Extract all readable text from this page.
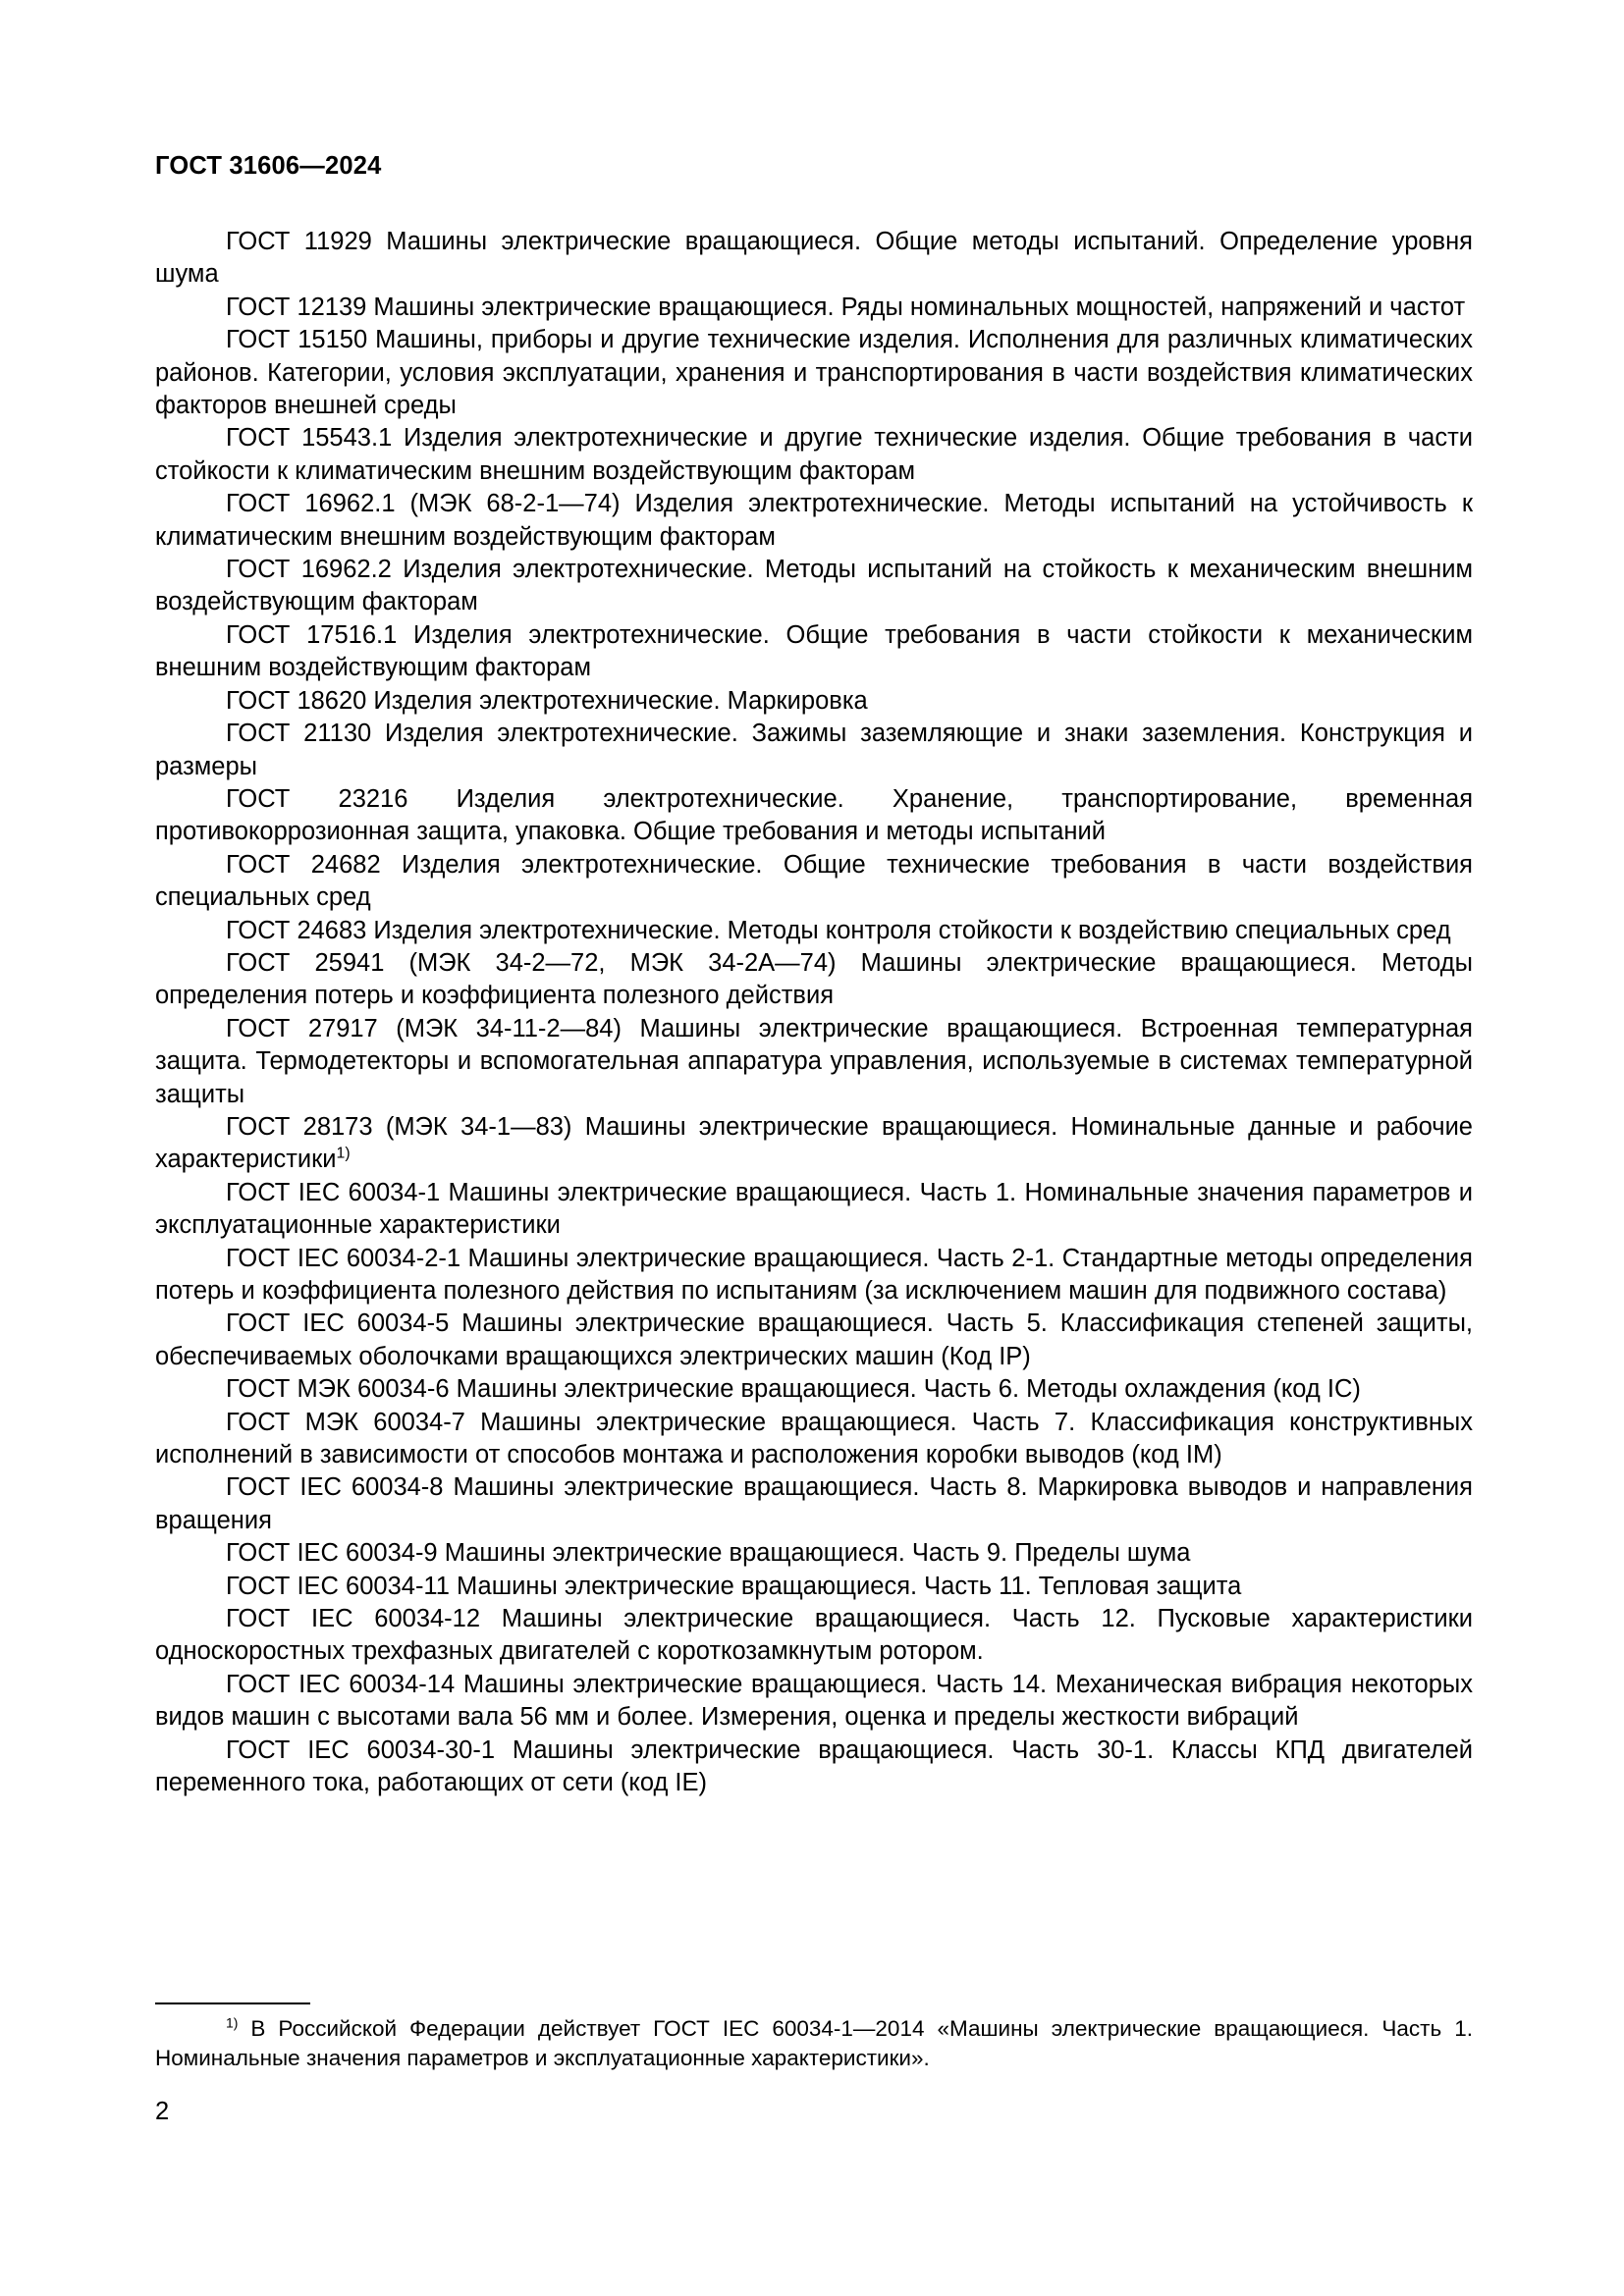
ГОСТ 31606—2024

ГОСТ 11929 Машины электрические вращающиеся. Общие методы испытаний. Определение уровня шума

ГОСТ 12139 Машины электрические вращающиеся. Ряды номинальных мощностей, напряжений и частот

ГОСТ 15150 Машины, приборы и другие технические изделия. Исполнения для различных климатических районов. Категории, условия эксплуатации, хранения и транспортирования в части воздействия климатических факторов внешней среды

ГОСТ 15543.1 Изделия электротехнические и другие технические изделия. Общие требования в части стойкости к климатическим внешним воздействующим факторам

ГОСТ 16962.1 (МЭК 68-2-1—74) Изделия электротехнические. Методы испытаний на устойчивость к климатическим внешним воздействующим факторам

ГОСТ 16962.2 Изделия электротехнические. Методы испытаний на стойкость к механическим внешним воздействующим факторам

ГОСТ 17516.1 Изделия электротехнические. Общие требования в части стойкости к механическим внешним воздействующим факторам

ГОСТ 18620 Изделия электротехнические. Маркировка

ГОСТ 21130 Изделия электротехнические. Зажимы заземляющие и знаки заземления. Конструкция и размеры

ГОСТ 23216 Изделия электротехнические. Хранение, транспортирование, временная противокоррозионная защита, упаковка. Общие требования и методы испытаний

ГОСТ 24682 Изделия электротехнические. Общие технические требования в части воздействия специальных сред

ГОСТ 24683 Изделия электротехнические. Методы контроля стойкости к воздействию специальных сред

ГОСТ 25941 (МЭК 34-2—72, МЭК 34-2А—74) Машины электрические вращающиеся. Методы определения потерь и коэффициента полезного действия

ГОСТ 27917 (МЭК 34-11-2—84) Машины электрические вращающиеся. Встроенная температурная защита. Термодетекторы и вспомогательная аппаратура управления, используемые в системах температурной защиты

ГОСТ 28173 (МЭК 34-1—83) Машины электрические вращающиеся. Номинальные данные и рабочие характеристики$^{1)}$

ГОСТ IEC 60034-1 Машины электрические вращающиеся. Часть 1. Номинальные значения параметров и эксплуатационные характеристики

ГОСТ IEC 60034-2-1 Машины электрические вращающиеся. Часть 2-1. Стандартные методы определения потерь и коэффициента полезного действия по испытаниям (за исключением машин для подвижного состава)

ГОСТ IEC 60034-5 Машины электрические вращающиеся. Часть 5. Классификация степеней защиты, обеспечиваемых оболочками вращающихся электрических машин (Код IP)

ГОСТ МЭК 60034-6 Машины электрические вращающиеся. Часть 6. Методы охлаждения (код IC)

ГОСТ МЭК 60034-7 Машины электрические вращающиеся. Часть 7. Классификация конструктивных исполнений в зависимости от способов монтажа и расположения коробки выводов (код IM)

ГОСТ IEC 60034-8 Машины электрические вращающиеся. Часть 8. Маркировка выводов и направления вращения

ГОСТ IEC 60034-9 Машины электрические вращающиеся. Часть 9. Пределы шума

ГОСТ IEC 60034-11 Машины электрические вращающиеся. Часть 11. Тепловая защита

ГОСТ IEC 60034-12 Машины электрические вращающиеся. Часть 12. Пусковые характеристики односкоростных трехфазных двигателей с короткозамкнутым ротором.

ГОСТ IEC 60034-14 Машины электрические вращающиеся. Часть 14. Механическая вибрация некоторых видов машин с высотами вала 56 мм и более. Измерения, оценка и пределы жесткости вибраций

ГОСТ IEC 60034-30-1 Машины электрические вращающиеся. Часть 30-1. Классы КПД двигателей переменного тока, работающих от сети (код IE)

$^{1)}$ В Российской Федерации действует ГОСТ IEC 60034-1—2014 «Машины электрические вращающиеся. Часть 1. Номинальные значения параметров и эксплуатационные характеристики».

2
